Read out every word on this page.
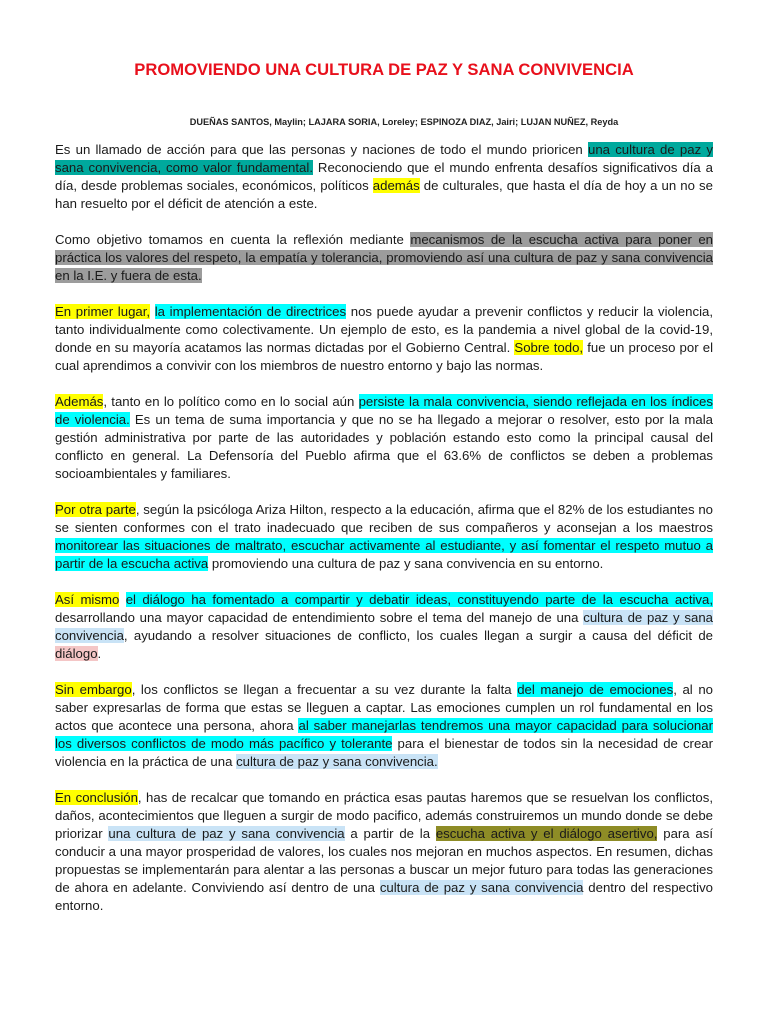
PROMOVIENDO UNA CULTURA DE PAZ Y SANA CONVIVENCIA
DUEÑAS SANTOS, Maylin; LAJARA SORIA, Loreley; ESPINOZA DIAZ, Jairi; LUJAN NUÑEZ, Reyda

Es un llamado de acción para que las personas y naciones de todo el mundo prioricen una cultura de paz y sana convivencia, como valor fundamental. Reconociendo que el mundo enfrenta desafíos significativos día a día, desde problemas sociales, económicos, políticos además de culturales, que hasta el día de hoy a un no se han resuelto por el déficit de atención a este.

Como objetivo tomamos en cuenta la reflexión mediante mecanismos de la escucha activa para poner en práctica los valores del respeto, la empatía y tolerancia, promoviendo así una cultura de paz y sana convivencia en la I.E. y fuera de esta.

En primer lugar, la implementación de directrices nos puede ayudar a prevenir conflictos y reducir la violencia, tanto individualmente como colectivamente. Un ejemplo de esto, es la pandemia a nivel global de la covid-19, donde en su mayoría acatamos las normas dictadas por el Gobierno Central. Sobre todo, fue un proceso por el cual aprendimos a convivir con los miembros de nuestro entorno y bajo las normas.

Además, tanto en lo político como en lo social aún persiste la mala convivencia, siendo reflejada en los índices de violencia. Es un tema de suma importancia y que no se ha llegado a mejorar o resolver, esto por la mala gestión administrativa por parte de las autoridades y población estando esto como la principal causal del conflicto en general. La Defensoría del Pueblo afirma que el 63.6% de conflictos se deben a problemas socioambientales y familiares.

Por otra parte, según la psicóloga Ariza Hilton, respecto a la educación, afirma que el 82% de los estudiantes no se sienten conformes con el trato inadecuado que reciben de sus compañeros y aconsejan a los maestros monitorear las situaciones de maltrato, escuchar activamente al estudiante, y así fomentar el respeto mutuo a partir de la escucha activa promoviendo una cultura de paz y sana convivencia en su entorno.

Así mismo el diálogo ha fomentado a compartir y debatir ideas, constituyendo parte de la escucha activa, desarrollando una mayor capacidad de entendimiento sobre el tema del manejo de una cultura de paz y sana convivencia, ayudando a resolver situaciones de conflicto, los cuales llegan a surgir a causa del déficit de diálogo.

Sin embargo, los conflictos se llegan a frecuentar a su vez durante la falta del manejo de emociones, al no saber expresarlas de forma que estas se lleguen a captar. Las emociones cumplen un rol fundamental en los actos que acontece una persona, ahora al saber manejarlas tendremos una mayor capacidad para solucionar los diversos conflictos de modo más pacífico y tolerante para el bienestar de todos sin la necesidad de crear violencia en la práctica de una cultura de paz y sana convivencia.

En conclusión, has de recalcar que tomando en práctica esas pautas haremos que se resuelvan los conflictos, daños, acontecimientos que lleguen a surgir de modo pacifico, además construiremos un mundo donde se debe priorizar una cultura de paz y sana convivencia a partir de la escucha activa y el diálogo asertivo, para así conducir a una mayor prosperidad de valores, los cuales nos mejoran en muchos aspectos. En resumen, dichas propuestas se implementarán para alentar a las personas a buscar un mejor futuro para todas las generaciones de ahora en adelante. Conviviendo así dentro de una cultura de paz y sana convivencia dentro del respectivo entorno.
